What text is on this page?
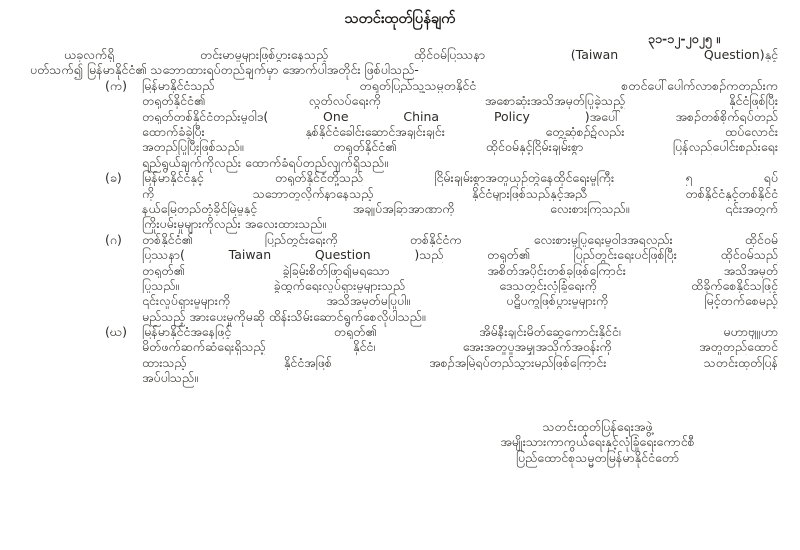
သတင်းထုတ်ပြန်ချက်
၃၁-၁၂-၂၀၂၅ ။
ယခုလက်ရှိ တင်းမာမှုများဖြစ်ပွားနေသည့် ထိုင်ဝမ်ပြဿနာ (Taiwan Question)နှင့်
ပတ်သက်၍ မြန်မာနိုင်ငံ၏ သဘောထားရပ်တည်ချက်မှာ အောက်ပါအတိုင်း ဖြစ်ပါသည်-
(က)	မြန်မာနိုင်ငံသည် တရုတ်ပြည်သူ့သမ္မတနိုင်ငံ စတင်ပေါ်ပေါက်လာစဉ်ကတည်းက
တရုတ်နိုင်ငံ၏ လွတ်လပ်ရေးကို အစောဆုံးအသိအမှတ်ပြုခဲ့သည့် နိုင်ငံဖြစ်ပြီး
တရုတ်တစ်နိုင်ငံတည်းမူဝါဒ( One China Policy )အပေါ် အစဉ်တစ်စိုက်ရပ်တည်
ထောက်ခံခဲ့ပြီး နှစ်နိုင်ငံခေါင်းဆောင်အချင်းချင်း တွေ့ဆုံစဉ်၌လည်း ထပ်လောင်း
အတည်ပြုပြီးဖြစ်သည်။ တရုတ်နိုင်ငံ၏ ထိုင်ဝမ်နှင့်ငြိမ်းချမ်းစွာ ပြန်လည်ပေါင်းစည်းရေး
ရည်ရွယ်ချက်ကိုလည်း ထောက်ခံရပ်တည်လျက်ရှိသည်။
(ခ)	မြန်မာနိုင်ငံနှင့် တရုတ်နိုင်ငံတို့သည် ငြိမ်းချမ်းစွာအတူယှဉ်တွဲနေထိုင်ရေးမူကြီး ၅ ရပ်
ကို သဘောတူလိုက်နာနေသည့် နိုင်ငံများဖြစ်သည်နှင့်အညီ တစ်နိုင်ငံနှင့်တစ်နိုင်ငံ
နယ်မြေတည်တံ့ခိုင်မြဲမှုနှင့် အချုပ်အခြာအာဏာကို လေးစားကြသည်။ ၎င်းအတွက်
ကြိုးပမ်းမှုများကိုလည်း အလေးထားသည်။
(ဂ)	တစ်နိုင်ငံ၏ ပြည်တွင်းရေးကို တစ်နိုင်ငံက လေးစားမှုပြုရေးမူဝါဒအရလည်း ထိုင်ဝမ်
ပြဿနာ( Taiwan Question )သည် တရုတ်၏ ပြည်တွင်းရေးပင်ဖြစ်ပြီး ထိုင်ဝမ်သည်
တရုတ်၏ ခွဲခြမ်းစိတ်ဖြာ၍မရသော အစိတ်အပိုင်းတစ်ခုဖြစ်ကြောင်း အသိအမှတ်
ပြုသည်။ ခွဲထွက်ရေးလှုပ်ရှားမှုများသည် ဒေသတွင်းလုံခြုံရေးကို ထိခိုက်စေနိုင်သဖြင့်
၎င်းလှုပ်ရှားမှုများကို အသိအမှတ်မပြုပါ။ ပဋိပက္ခဖြစ်ပွားမှုများကို မြင့်တက်စေမည့်
မည်သည့် အားပေးမှုကိုမဆို ထိန်းသိမ်းဆောင်ရွက်စေလိုပါသည်။
(ဃ)	မြန်မာနိုင်ငံအနေဖြင့် တရုတ်၏ အိမ်နီးချင်းမိတ်ဆွေကောင်းနိုင်ငံ၊ မဟာဗျူဟာ
မိတ်ဖက်ဆက်ဆံရေးရှိသည့် နိုင်ငံ၊ အေးအတူပူအမျှအသိုက်အဝန်းကို အတူတည်ထောင်
ထားသည့် နိုင်ငံအဖြစ် အစဉ်အမြဲရပ်တည်သွားမည်ဖြစ်ကြောင်း သတင်းထုတ်ပြန်
အပ်ပါသည်။
သတင်းထုတ်ပြန်ရေးအဖွဲ့
အမျိုးသားကာကွယ်ရေးနှင့်လုံခြုံရေးကောင်စီ
ပြည်ထောင်စုသမ္မတမြန်မာနိုင်ငံတော်
